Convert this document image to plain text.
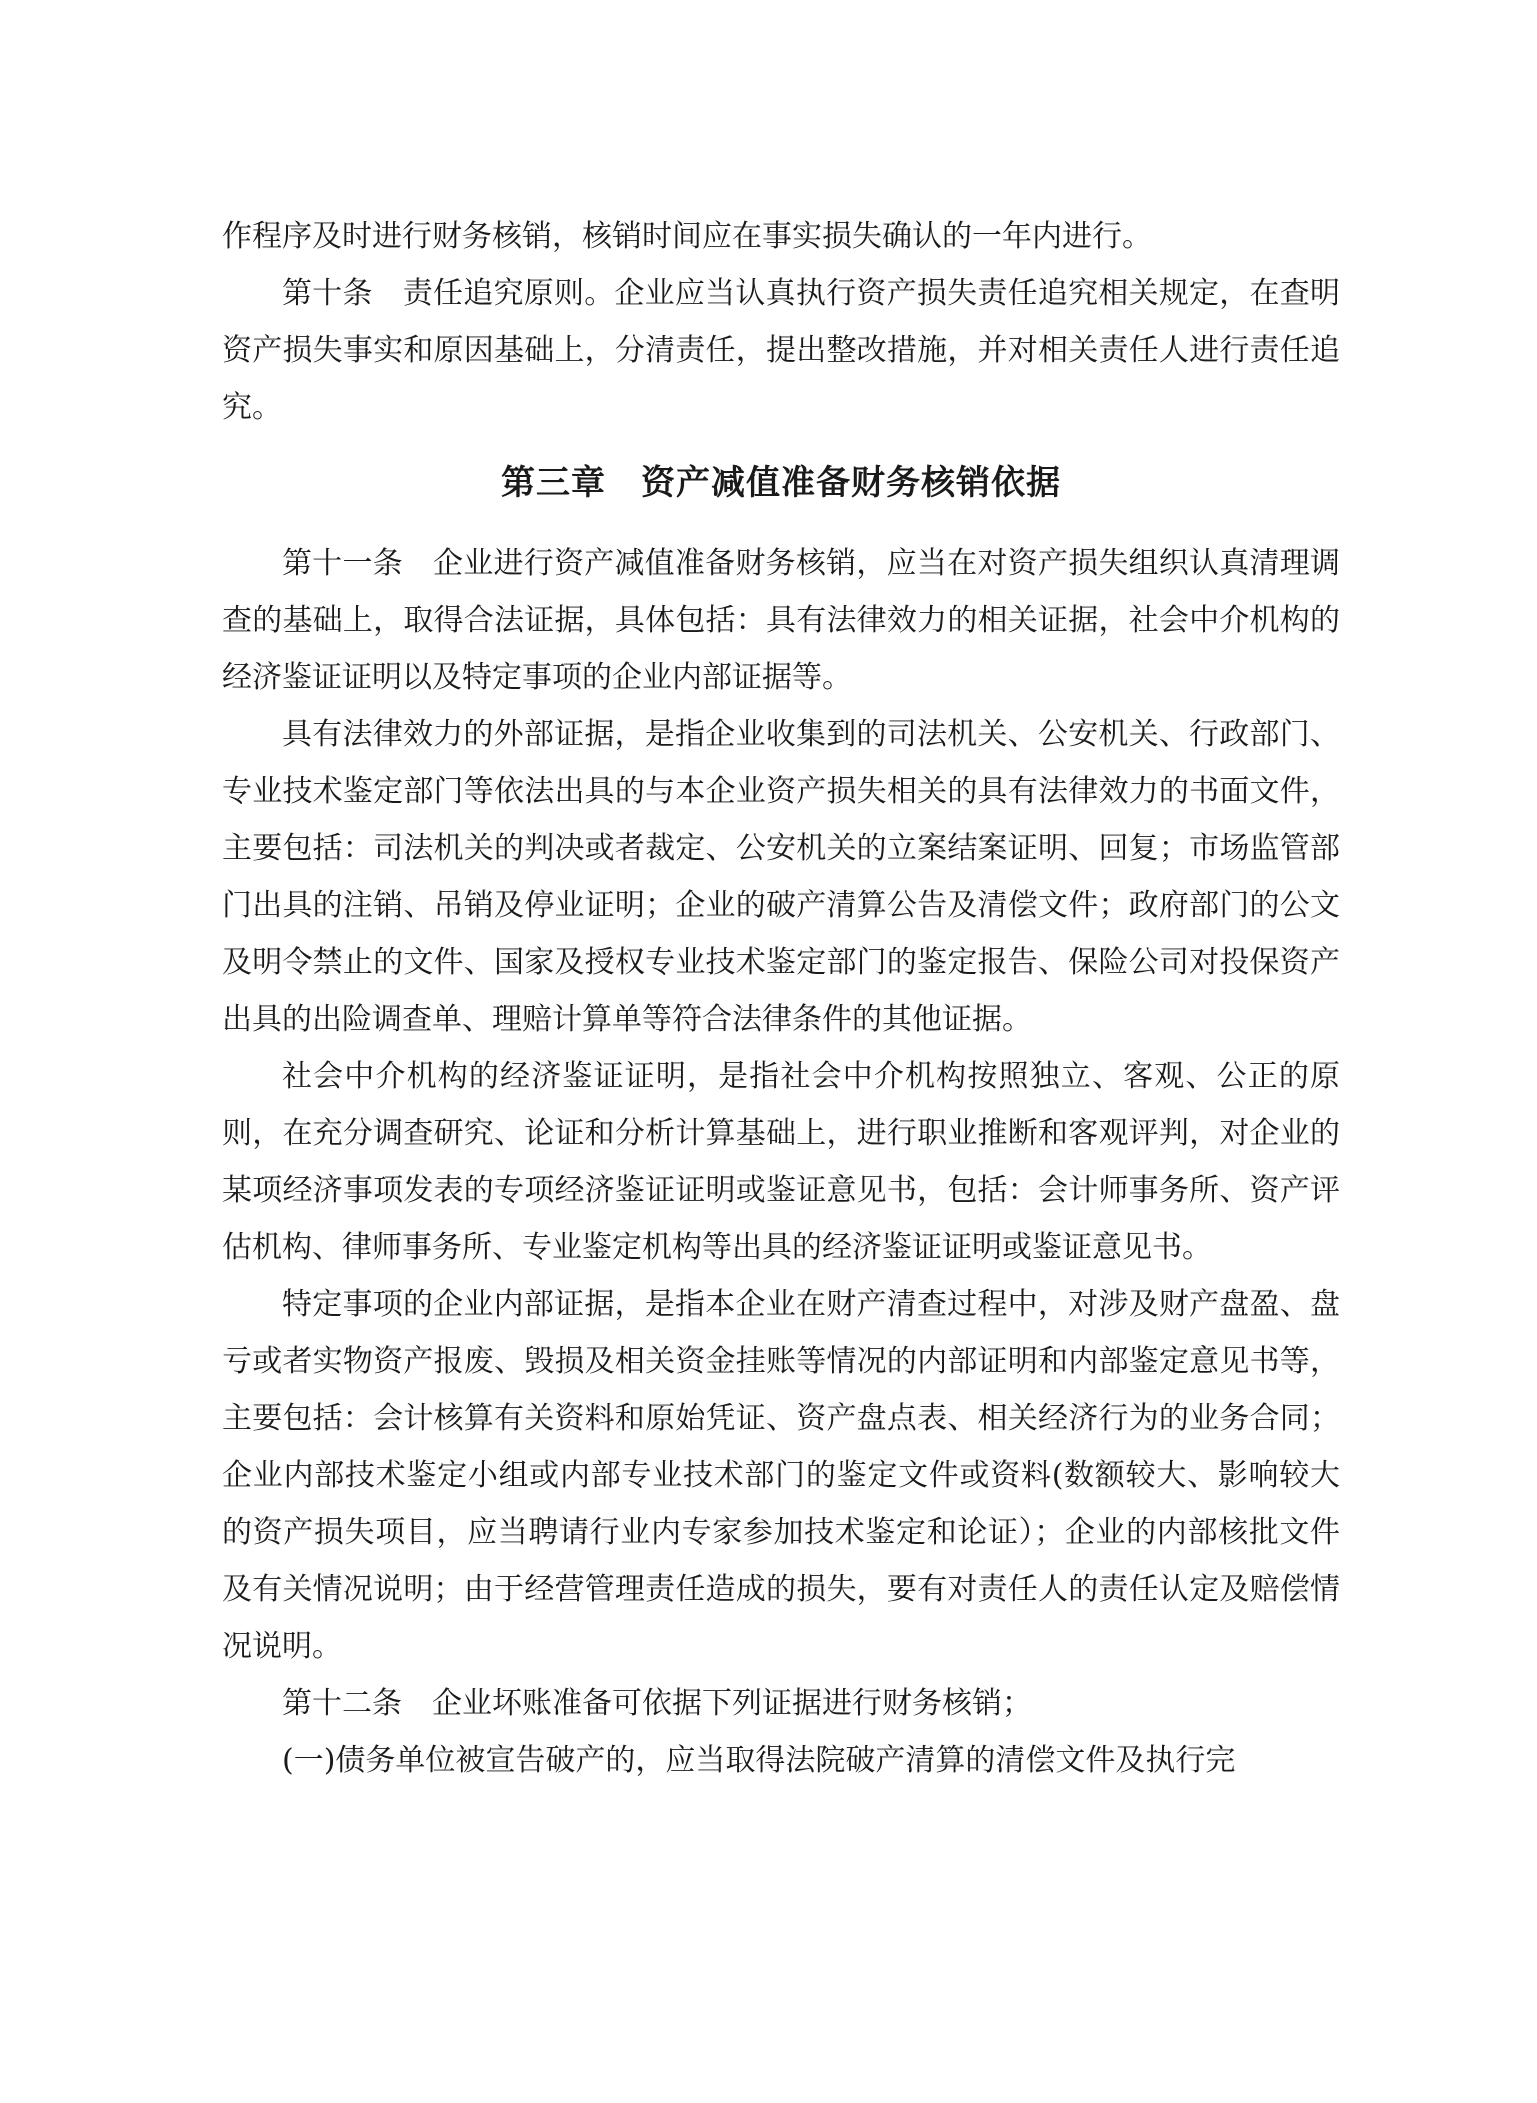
作程序及时进行财务核销，核销时间应在事实损失确认的一年内进行。

第十条 责任追究原则。企业应当认真执行资产损失责任追究相关规定，在查明资产损失事实和原因基础上，分清责任，提出整改措施，并对相关责任人进行责任追究。

第三章　资产减值准备财务核销依据

第十一条 企业进行资产减值准备财务核销，应当在对资产损失组织认真清理调查的基础上，取得合法证据，具体包括：具有法律效力的相关证据，社会中介机构的经济鉴证证明以及特定事项的企业内部证据等。

具有法律效力的外部证据，是指企业收集到的司法机关、公安机关、行政部门、专业技术鉴定部门等依法出具的与本企业资产损失相关的具有法律效力的书面文件，主要包括：司法机关的判决或者裁定、公安机关的立案结案证明、回复；市场监管部门出具的注销、吊销及停业证明；企业的破产清算公告及清偿文件；政府部门的公文及明令禁止的文件、国家及授权专业技术鉴定部门的鉴定报告、保险公司对投保资产出具的出险调查单、理赔计算单等符合法律条件的其他证据。

社会中介机构的经济鉴证证明，是指社会中介机构按照独立、客观、公正的原则，在充分调查研究、论证和分析计算基础上，进行职业推断和客观评判，对企业的某项经济事项发表的专项经济鉴证证明或鉴证意见书，包括：会计师事务所、资产评估机构、律师事务所、专业鉴定机构等出具的经济鉴证证明或鉴证意见书。

特定事项的企业内部证据，是指本企业在财产清查过程中，对涉及财产盘盈、盘亏或者实物资产报废、毁损及相关资金挂账等情况的内部证明和内部鉴定意见书等，主要包括：会计核算有关资料和原始凭证、资产盘点表、相关经济行为的业务合同；企业内部技术鉴定小组或内部专业技术部门的鉴定文件或资料(数额较大、影响较大的资产损失项目，应当聘请行业内专家参加技术鉴定和论证）；企业的内部核批文件及有关情况说明；由于经营管理责任造成的损失，要有对责任人的责任认定及赔偿情况说明。

第十二条 企业坏账准备可依据下列证据进行财务核销；

(一)债务单位被宣告破产的，应当取得法院破产清算的清偿文件及执行完
